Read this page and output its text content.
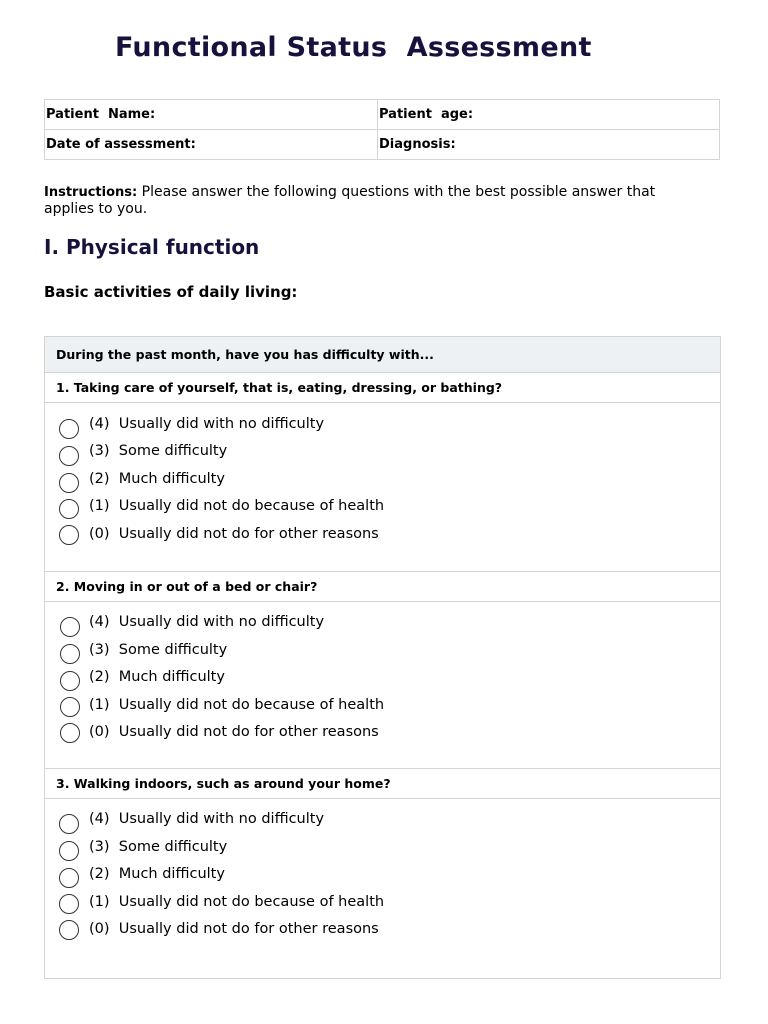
Functional Status  Assessment
Patient  Name:	Patient  age:
Date of assessment:	Diagnosis:
Instructions: Please answer the following questions with the best possible answer that applies to you.
I. Physical function
Basic activities of daily living:
During the past month, have you has difficulty with...
1. Taking care of yourself, that is, eating, dressing, or bathing?
(4)  Usually did with no difficulty
(3)  Some difficulty
(2)  Much difficulty
(1)  Usually did not do because of health
(0)  Usually did not do for other reasons
2. Moving in or out of a bed or chair?
(4)  Usually did with no difficulty
(3)  Some difficulty
(2)  Much difficulty
(1)  Usually did not do because of health
(0)  Usually did not do for other reasons
3. Walking indoors, such as around your home?
(4)  Usually did with no difficulty
(3)  Some difficulty
(2)  Much difficulty
(1)  Usually did not do because of health
(0)  Usually did not do for other reasons
